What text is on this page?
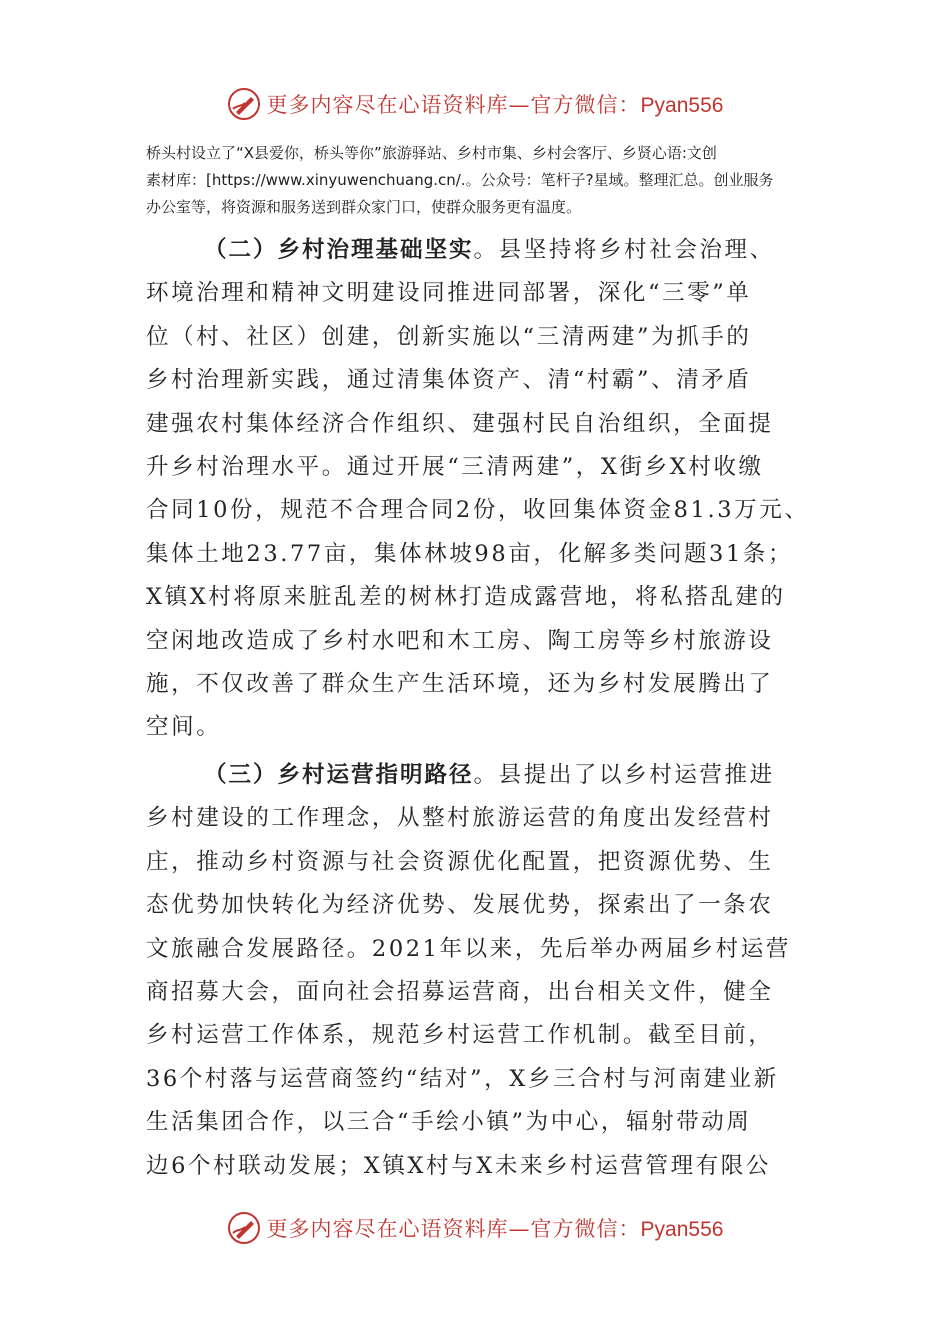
更多内容尽在心语资料库—官方微信：Pyan556
桥头村设立了“X县爱你，桥头等你”旅游驿站、乡村市集、乡村会客厅、乡贤心语:文创
素材库：[https://www.xinyuwenchuang.cn/.。公众号：笔杆子?星域。整理汇总。创业服务
办公室等，将资源和服务送到群众家门口，使群众服务更有温度。
（二）乡村治理基础坚实。县坚持将乡村社会治理、
环境治理和精神文明建设同推进同部署，深化“三零”单
位（村、社区）创建，创新实施以“三清两建”为抓手的
乡村治理新实践，通过清集体资产、清“村霸”、清矛盾
建强农村集体经济合作组织、建强村民自治组织，全面提
升乡村治理水平。通过开展“三清两建”，X街乡X村收缴
合同10份，规范不合理合同2份，收回集体资金81.3万元、
集体土地23.77亩，集体林坡98亩，化解多类问题31条；
X镇X村将原来脏乱差的树林打造成露营地，将私搭乱建的
空闲地改造成了乡村水吧和木工房、陶工房等乡村旅游设
施，不仅改善了群众生产生活环境，还为乡村发展腾出了
空间。
（三）乡村运营指明路径。县提出了以乡村运营推进
乡村建设的工作理念，从整村旅游运营的角度出发经营村
庄，推动乡村资源与社会资源优化配置，把资源优势、生
态优势加快转化为经济优势、发展优势，探索出了一条农
文旅融合发展路径。2021年以来，先后举办两届乡村运营
商招募大会，面向社会招募运营商，出台相关文件，健全
乡村运营工作体系，规范乡村运营工作机制。截至目前，
36个村落与运营商签约“结对”，X乡三合村与河南建业新
生活集团合作，以三合“手绘小镇”为中心，辐射带动周
边6个村联动发展；X镇X村与X未来乡村运营管理有限公
更多内容尽在心语资料库—官方微信：Pyan556
